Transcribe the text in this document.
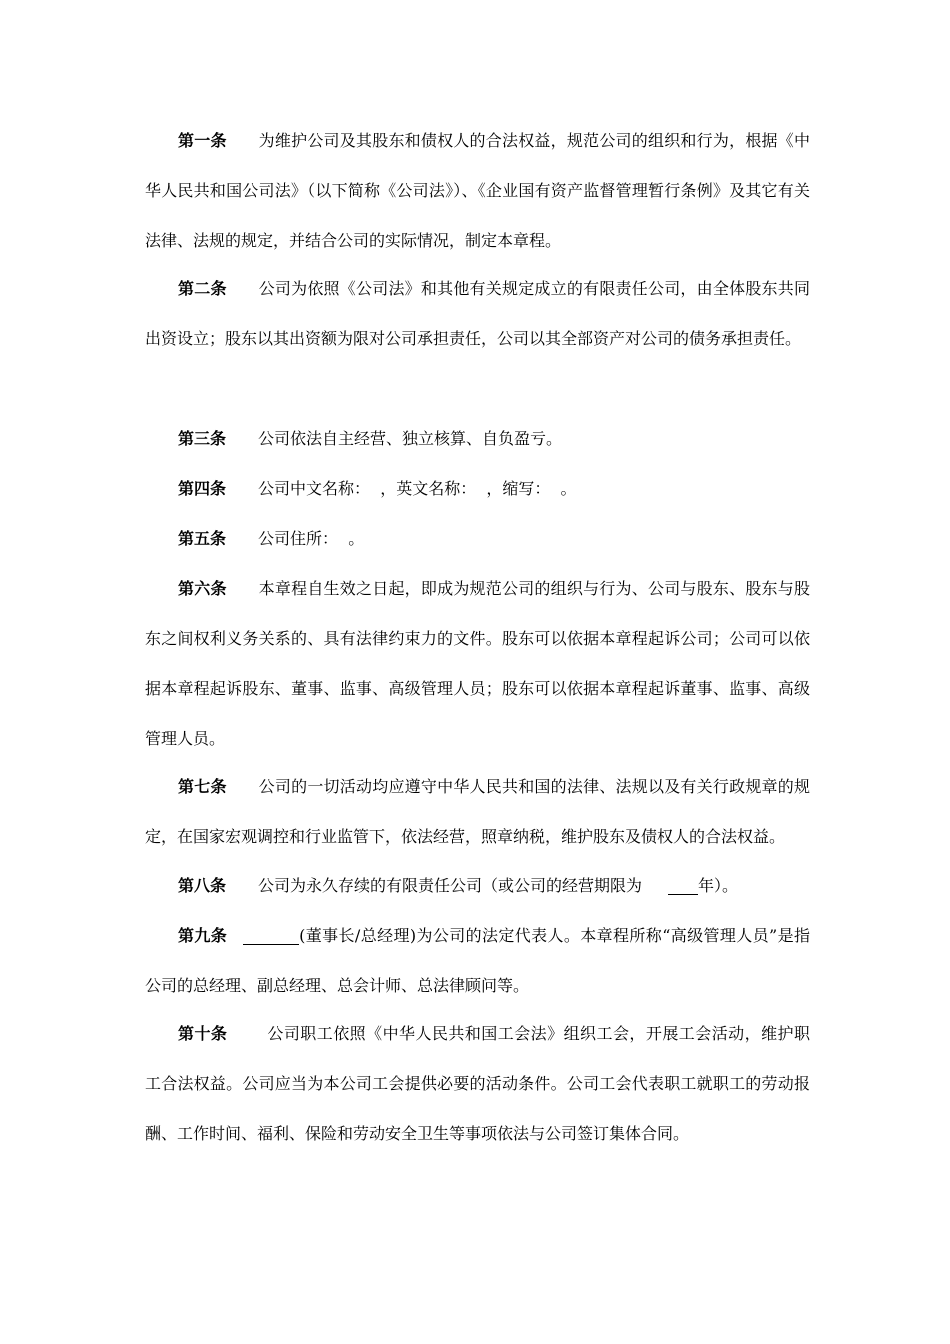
第一条 为维护公司及其股东和债权人的合法权益，规范公司的组织和行为，根据《中华人民共和国公司法》（以下简称《公司法》）、《企业国有资产监督管理暂行条例》及其它有关法律、法规的规定，并结合公司的实际情况，制定本章程。

第二条 公司为依照《公司法》和其他有关规定成立的有限责任公司，由全体股东共同出资设立；股东以其出资额为限对公司承担责任，公司以其全部资产对公司的债务承担责任。

第三条 公司依法自主经营、独立核算、自负盈亏。

第四条 公司中文名称：  ，英文名称：  ，缩写：  。

第五条 公司住所：  。

第六条 本章程自生效之日起，即成为规范公司的组织与行为、公司与股东、股东与股东之间权利义务关系的、具有法律约束力的文件。股东可以依据本章程起诉公司；公司可以依据本章程起诉股东、董事、监事、高级管理人员；股东可以依据本章程起诉董事、监事、高级管理人员。

第七条 公司的一切活动均应遵守中华人民共和国的法律、法规以及有关行政规章的规定，在国家宏观调控和行业监管下，依法经营，照章纳税，维护股东及债权人的合法权益。

第八条 公司为永久存续的有限责任公司（或公司的经营期限为	年）。

第九条	(董事长/总经理)为公司的法定代表人。本章程所称“高级管理人员”是指公司的总经理、副总经理、总会计师、总法律顾问等。

第十条	公司职工依照《中华人民共和国工会法》组织工会，开展工会活动，维护职工合法权益。公司应当为本公司工会提供必要的活动条件。公司工会代表职工就职工的劳动报酬、工作时间、福利、保险和劳动安全卫生等事项依法与公司签订集体合同。
